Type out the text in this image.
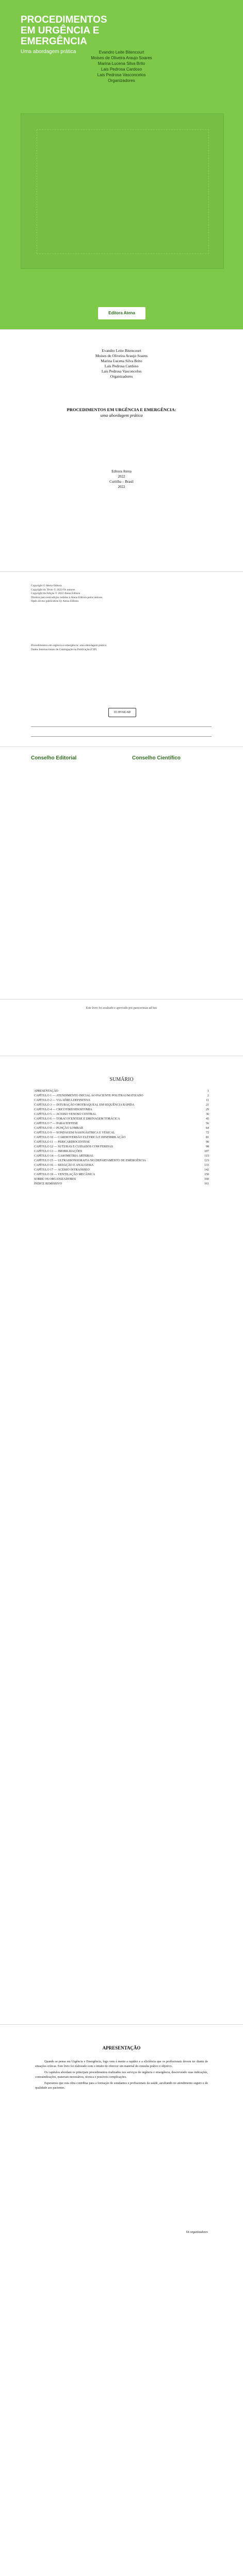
PROCEDIMENTOS

EM URGÊNCIA E

EMERGÊNCIA

Uma abordagem prática	Evandro Leite Bitencourt
Moises de Oliveira Araujo Soares
Marina Lucena Silva Brito
Lais Pedrosa Cardoso
Lais Pedrosa Vasconcelos
Organizadores
Editora Atena
Evandro Leite Bitencourt
Moises de Oliveira Araujo Soares
Marina Lucena Silva Brito
Lais Pedrosa Cardoso
Lais Pedrosa Vasconcelos
Organizadores
PROCEDIMENTOS EM URGÊNCIA E EMERGÊNCIA:
uma abordagem prática
Editora Atena
2022
Curitiba – Brasil
2022
Copyright © Atena Editora
Copyright do Texto © 2022 Os autores
Copyright da Edição © 2022 Atena Editora
Direitos para esta edição cedidos à Atena Editora pelos autores.
Open access publication by Atena Editora
Procedimentos em urgência e emergência: uma abordagem prática
Dados Internacionais de Catalogação na Publicação (CIP)
CC BY-NC-ND
Conselho Editorial	Conselho Científico
Este livro foi avaliado e aprovado por pareceristas ad hoc
SUMÁRIO
APRESENTAÇÃO	1
CAPÍTULO 1 — ATENDIMENTO INICIAL AO PACIENTE POLITRAUMATIZADO	2
CAPÍTULO 2 — VIA AÉREA DEFINITIVA	11
CAPÍTULO 3 — INTUBAÇÃO OROTRAQUEAL EM SEQUÊNCIA RÁPIDA	21
CAPÍTULO 4 — CRICOTIREOIDOSTOMIA	29
CAPÍTULO 5 — ACESSO VENOSO CENTRAL	36
CAPÍTULO 6 — TORACOCENTESE E DRENAGEM TORÁCICA	45
CAPÍTULO 7 — PARACENTESE	56
CAPÍTULO 8 — PUNÇÃO LOMBAR	64
CAPÍTULO 9 — SONDAGEM NASOGÁSTRICA E VESICAL	72
CAPÍTULO 10 — CARDIOVERSÃO ELÉTRICA E DESFIBRILAÇÃO	81
CAPÍTULO 11 — PERICARDIOCENTESE	90
CAPÍTULO 12 — SUTURAS E CUIDADOS COM FERIDAS	98
CAPÍTULO 13 — IMOBILIZAÇÕES	107
CAPÍTULO 14 — GASOMETRIA ARTERIAL	115
CAPÍTULO 15 — ULTRASSONOGRAFIA NO DEPARTAMENTO DE EMERGÊNCIA	123
CAPÍTULO 16 — SEDAÇÃO E ANALGESIA	133
CAPÍTULO 17 — ACESSO INTRAÓSSEO	142
CAPÍTULO 18 — VENTILAÇÃO MECÂNICA	150
SOBRE OS ORGANIZADORES	160
ÍNDICE REMISSIVO	161
APRESENTAÇÃO

Quando se pensa em Urgência e Emergência, logo vem à mente a rapidez e a eficiência que os profissionais devem ter diante de situações críticas. Este livro foi elaborado com o intuito de oferecer um material de consulta prático e objetivo.

Os capítulos abordam os principais procedimentos realizados nos serviços de urgência e emergência, descrevendo suas indicações, contraindicações, materiais necessários, técnica e possíveis complicações.

Esperamos que esta obra contribua para a formação de estudantes e profissionais da saúde, auxiliando no atendimento seguro e de qualidade aos pacientes.

Os organizadores
